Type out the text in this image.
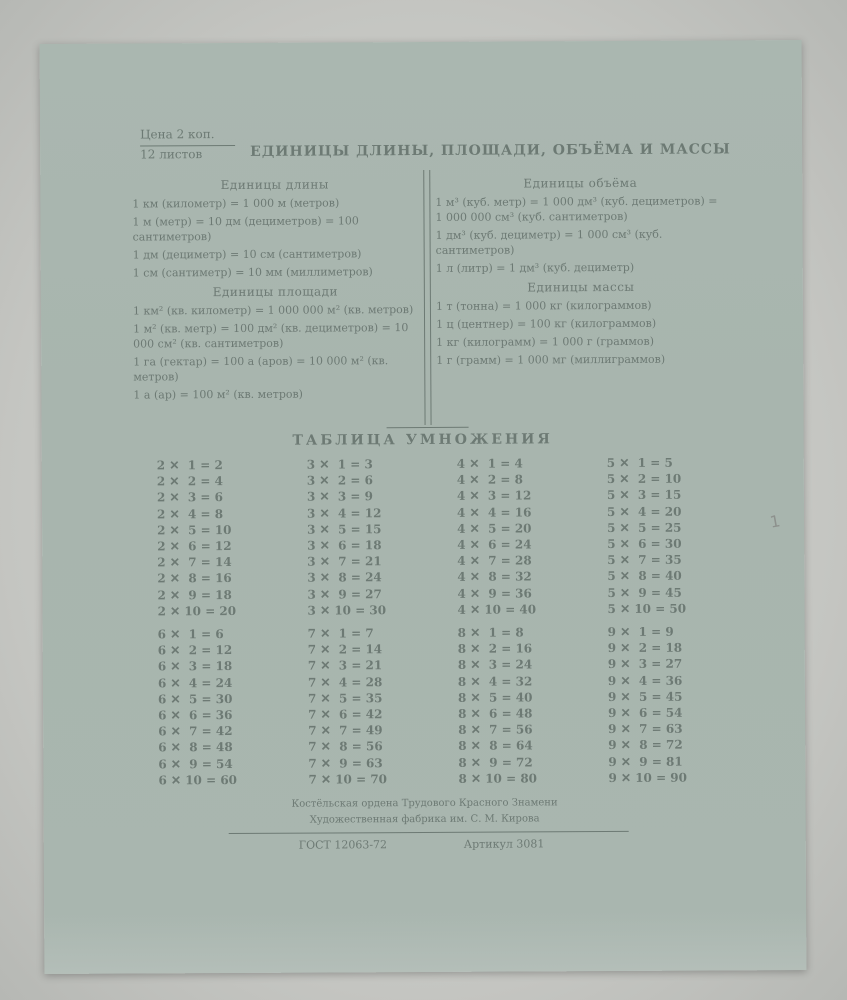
Цена 2 коп.
12 листов	ЕДИНИЦЫ ДЛИНЫ, ПЛОЩАДИ, ОБЪЁМА И МАССЫ
Единицы длины

1 км (километр) = 1 000 м (метров)

1 м (метр) = 10 дм (дециметров) = 100 сантиметров)

1 дм (дециметр) = 10 см (сантиметров)

1 см (сантиметр) = 10 мм (миллиметров)

Единицы площади

1 км² (кв. километр) = 1 000 000 м² (кв. метров)

1 м² (кв. метр) = 100 дм² (кв. дециметров) = 10 000 см² (кв. сантиметров)

1 га (гектар) = 100 а (аров) = 10 000 м² (кв. метров)

1 а (ар) = 100 м² (кв. метров)

Единицы объёма

1 м³ (куб. метр) = 1 000 дм³ (куб. дециметров) = 1 000 000 см³ (куб. сантиметров)

1 дм³ (куб. дециметр) = 1 000 см³ (куб. сантиметров)

1 л (литр) = 1 дм³ (куб. дециметр)

Единицы массы

1 т (тонна) = 1 000 кг (килограммов)

1 ц (центнер) = 100 кг (килограммов)

1 кг (килограмм) = 1 000 г (граммов)

1 г (грамм) = 1 000 мг (миллиграммов)

ТАБЛИЦА УМНОЖЕНИЯ
2 ✕  1 = 2
2 ✕  2 = 4
2 ✕  3 = 6
2 ✕  4 = 8
2 ✕  5 = 10
2 ✕  6 = 12
2 ✕  7 = 14
2 ✕  8 = 16
2 ✕  9 = 18
2 ✕ 10 = 20
3 ✕  1 = 3
3 ✕  2 = 6
3 ✕  3 = 9
3 ✕  4 = 12
3 ✕  5 = 15
3 ✕  6 = 18
3 ✕  7 = 21
3 ✕  8 = 24
3 ✕  9 = 27
3 ✕ 10 = 30
4 ✕  1 = 4
4 ✕  2 = 8
4 ✕  3 = 12
4 ✕  4 = 16
4 ✕  5 = 20
4 ✕  6 = 24
4 ✕  7 = 28
4 ✕  8 = 32
4 ✕  9 = 36
4 ✕ 10 = 40
5 ✕  1 = 5
5 ✕  2 = 10
5 ✕  3 = 15
5 ✕  4 = 20
5 ✕  5 = 25
5 ✕  6 = 30
5 ✕  7 = 35
5 ✕  8 = 40
5 ✕  9 = 45
5 ✕ 10 = 50
6 ✕  1 = 6
6 ✕  2 = 12
6 ✕  3 = 18
6 ✕  4 = 24
6 ✕  5 = 30
6 ✕  6 = 36
6 ✕  7 = 42
6 ✕  8 = 48
6 ✕  9 = 54
6 ✕ 10 = 60
7 ✕  1 = 7
7 ✕  2 = 14
7 ✕  3 = 21
7 ✕  4 = 28
7 ✕  5 = 35
7 ✕  6 = 42
7 ✕  7 = 49
7 ✕  8 = 56
7 ✕  9 = 63
7 ✕ 10 = 70
8 ✕  1 = 8
8 ✕  2 = 16
8 ✕  3 = 24
8 ✕  4 = 32
8 ✕  5 = 40
8 ✕  6 = 48
8 ✕  7 = 56
8 ✕  8 = 64
8 ✕  9 = 72
8 ✕ 10 = 80
9 ✕  1 = 9
9 ✕  2 = 18
9 ✕  3 = 27
9 ✕  4 = 36
9 ✕  5 = 45
9 ✕  6 = 54
9 ✕  7 = 63
9 ✕  8 = 72
9 ✕  9 = 81
9 ✕ 10 = 90
Костёльская ордена Трудового Красного Знамени
Художественная фабрика им. С. М. Кирова
ГОСТ 12063-72	Артикул 3081
1
